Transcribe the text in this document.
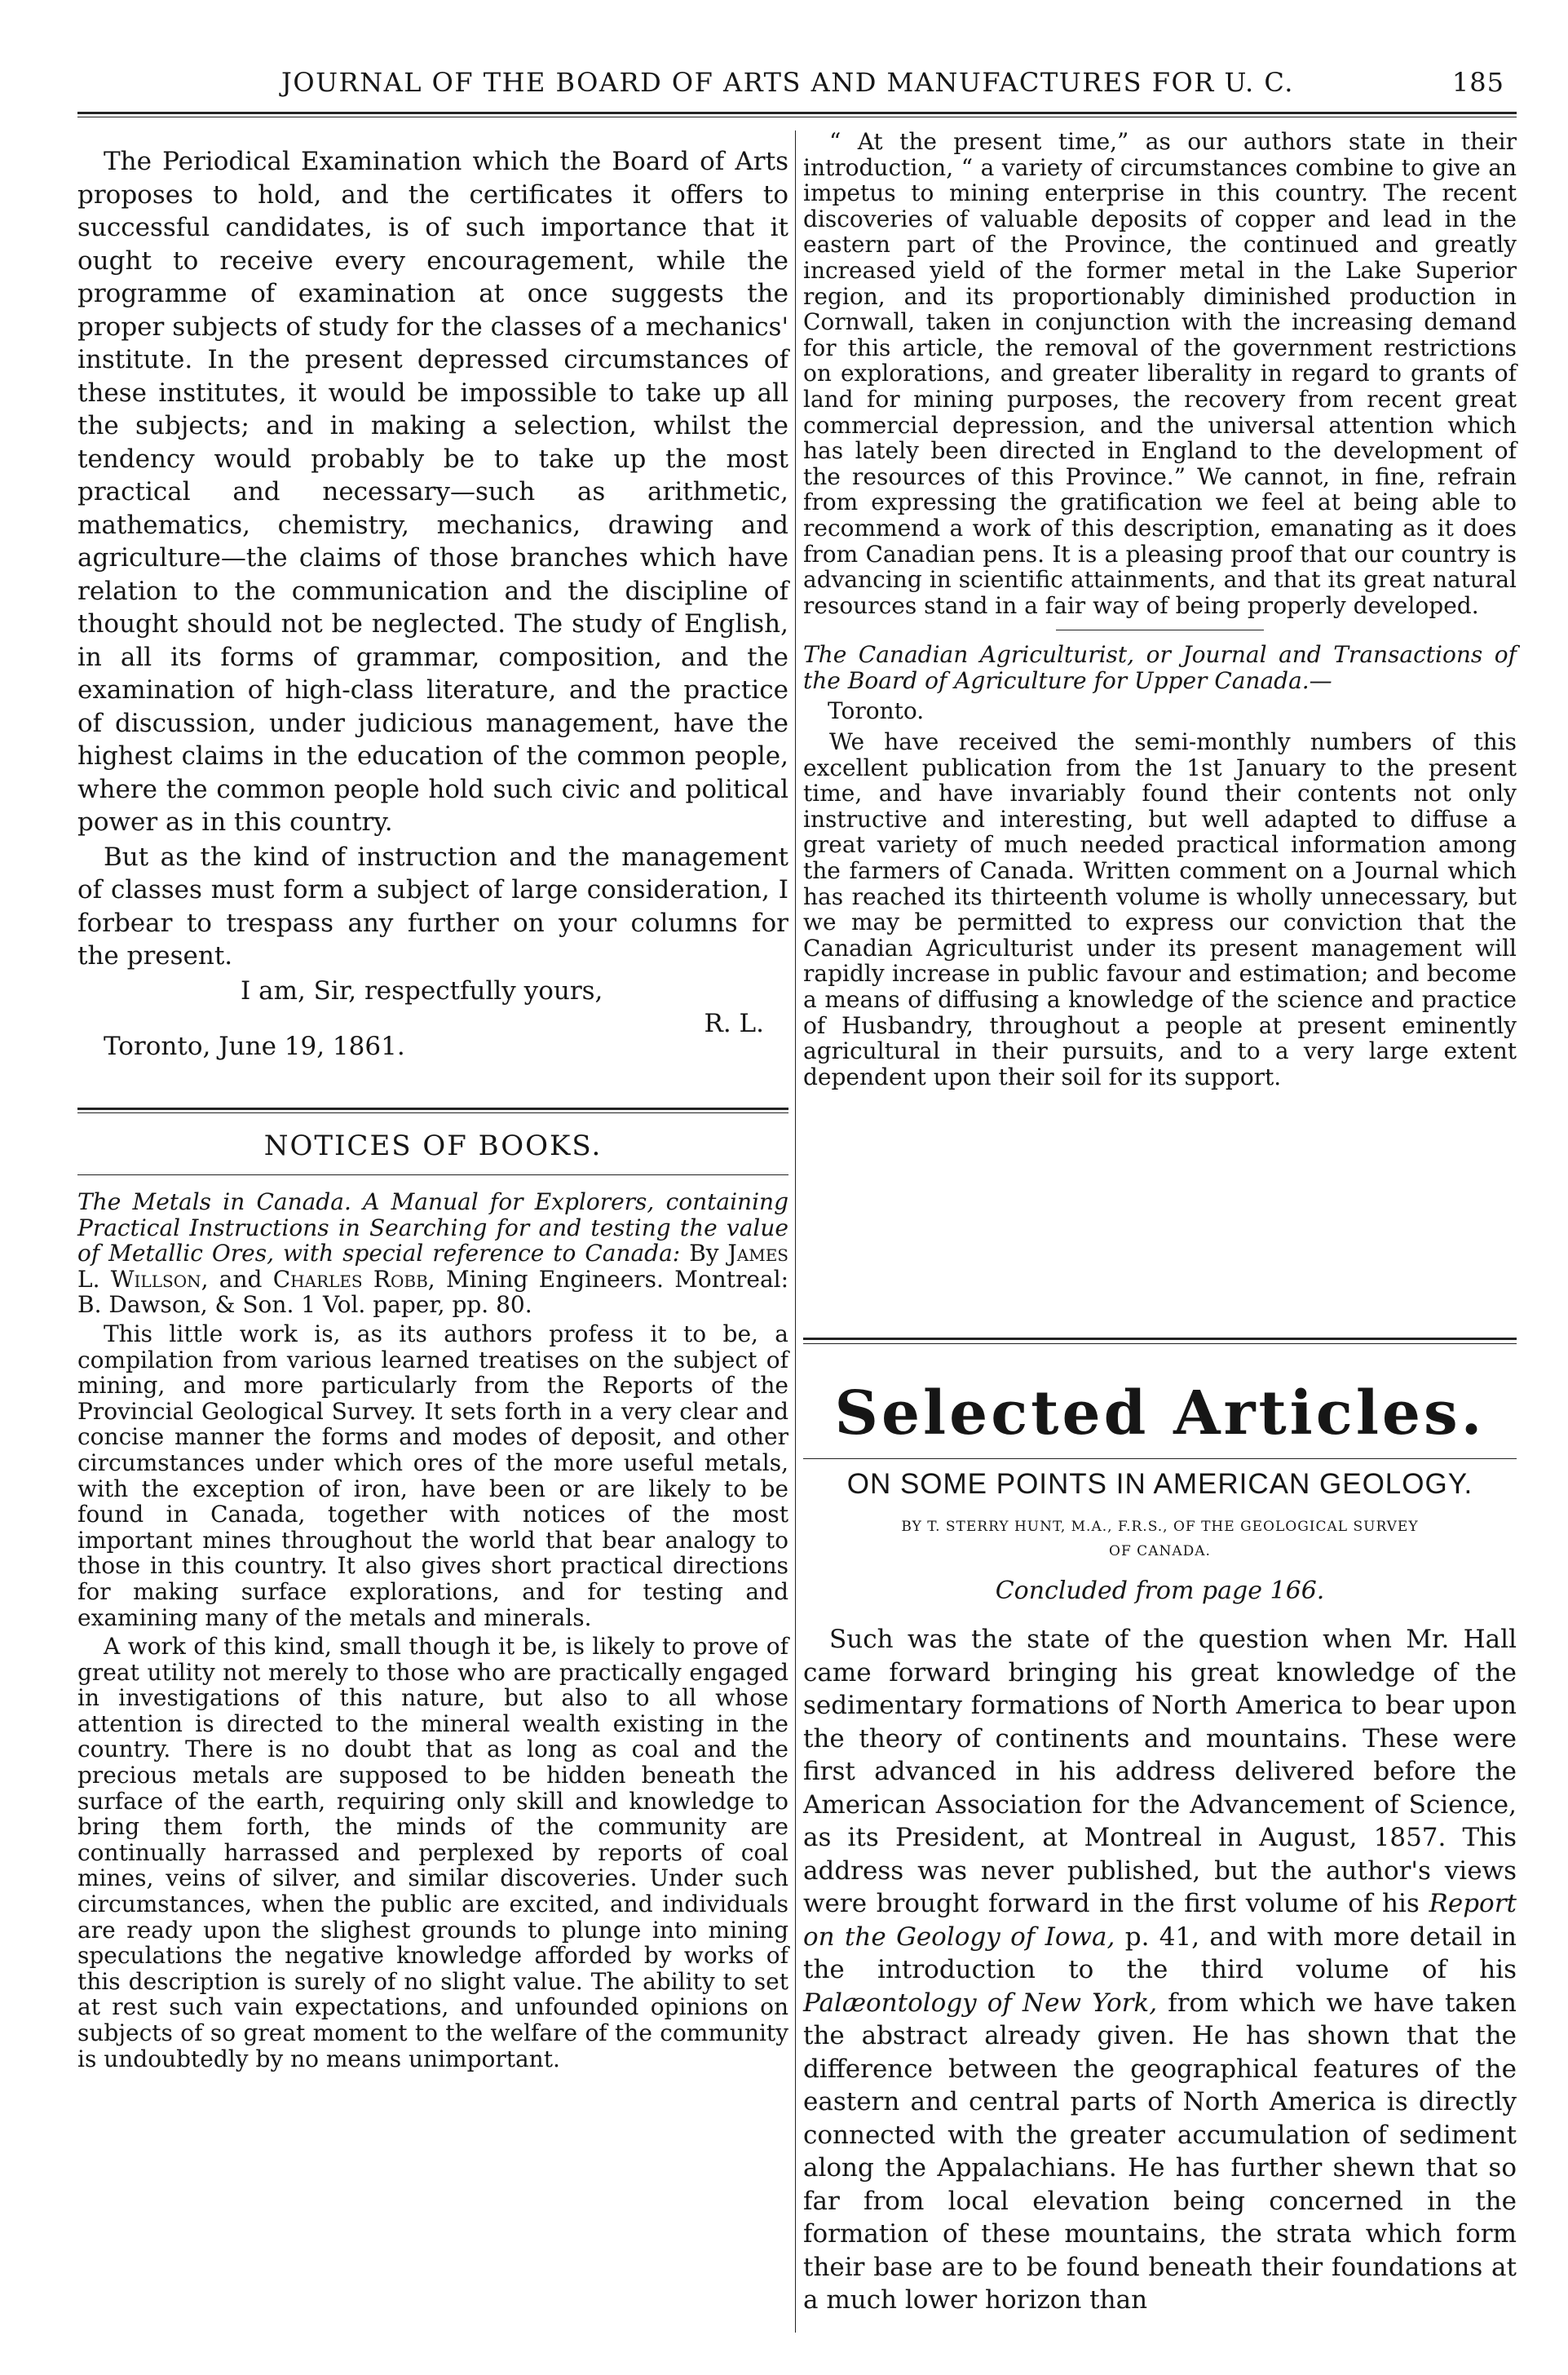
JOURNAL OF THE BOARD OF ARTS AND MANUFACTURES FOR U. C.	185

The Periodical Examination which the Board of Arts proposes to hold, and the certificates it offers to successful candidates, is of such importance that it ought to receive every encouragement, while the programme of examination at once suggests the proper subjects of study for the classes of a mechanics' institute. In the present depressed circumstances of these institutes, it would be impossible to take up all the subjects; and in making a selection, whilst the tendency would probably be to take up the most practical and necessary—such as arithmetic, mathematics, chemistry, mechanics, drawing and agriculture—the claims of those branches which have relation to the communication and the discipline of thought should not be neglected. The study of English, in all its forms of grammar, composition, and the examination of high-class literature, and the practice of discussion, under judicious management, have the highest claims in the education of the common people, where the common people hold such civic and political power as in this country.

But as the kind of instruction and the management of classes must form a subject of large consideration, I forbear to trespass any further on your columns for the present.

I am, Sir, respectfully yours,
Toronto, June 19, 1861.
R. L.
NOTICES OF BOOKS.

The Metals in Canada. A Manual for Explorers, containing Practical Instructions in Searching for and testing the value of Metallic Ores, with special reference to Canada: By James L. Willson, and Charles Robb, Mining Engineers. Montreal: B. Dawson, & Son. 1 Vol. paper, pp. 80.

This little work is, as its authors profess it to be, a compilation from various learned treatises on the subject of mining, and more particularly from the Reports of the Provincial Geological Survey. It sets forth in a very clear and concise manner the forms and modes of deposit, and other circumstances under which ores of the more useful metals, with the exception of iron, have been or are likely to be found in Canada, together with notices of the most important mines throughout the world that bear analogy to those in this country. It also gives short practical directions for making surface explorations, and for testing and examining many of the metals and minerals.

A work of this kind, small though it be, is likely to prove of great utility not merely to those who are practically engaged in investigations of this nature, but also to all whose attention is directed to the mineral wealth existing in the country. There is no doubt that as long as coal and the precious metals are supposed to be hidden beneath the surface of the earth, requiring only skill and knowledge to bring them forth, the minds of the community are continually harrassed and perplexed by reports of coal mines, veins of silver, and similar discoveries. Under such circumstances, when the public are excited, and individuals are ready upon the slighest grounds to plunge into mining speculations the negative knowledge afforded by works of this description is surely of no slight value. The ability to set at rest such vain expectations, and unfounded opinions on subjects of so great moment to the welfare of the community is undoubtedly by no means unimportant.

“ At the present time,” as our authors state in their introduction, “ a variety of circumstances combine to give an impetus to mining enterprise in this country. The recent discoveries of valuable deposits of copper and lead in the eastern part of the Province, the continued and greatly increased yield of the former metal in the Lake Superior region, and its proportionably diminished production in Cornwall, taken in conjunction with the increasing demand for this article, the removal of the government restrictions on explorations, and greater liberality in regard to grants of land for mining purposes, the recovery from recent great commercial depression, and the universal attention which has lately been directed in England to the development of the resources of this Province.” We cannot, in fine, refrain from expressing the gratification we feel at being able to recommend a work of this description, emanating as it does from Canadian pens. It is a pleasing proof that our country is advancing in scientific attainments, and that its great natural resources stand in a fair way of being properly developed.

The Canadian Agriculturist, or Journal and Transactions of the Board of Agriculture for Upper Canada.—

Toronto.

We have received the semi-monthly numbers of this excellent publication from the 1st January to the present time, and have invariably found their contents not only instructive and interesting, but well adapted to diffuse a great variety of much needed practical information among the farmers of Canada. Written comment on a Journal which has reached its thirteenth volume is wholly unnecessary, but we may be permitted to express our conviction that the Canadian Agriculturist under its present management will rapidly increase in public favour and estimation; and become a means of diffusing a knowledge of the science and practice of Husbandry, throughout a people at present eminently agricultural in their pursuits, and to a very large extent dependent upon their soil for its support.

Selected Articles.
ON SOME POINTS IN AMERICAN GEOLOGY.
BY T. STERRY HUNT, M.A., F.R.S., OF THE GEOLOGICAL SURVEY
OF CANADA.
Concluded from page 166.

Such was the state of the question when Mr. Hall came forward bringing his great knowledge of the sedimentary formations of North America to bear upon the theory of continents and mountains. These were first advanced in his address delivered before the American Association for the Advancement of Science, as its President, at Montreal in August, 1857. This address was never published, but the author's views were brought forward in the first volume of his Report on the Geology of Iowa, p. 41, and with more detail in the introduction to the third volume of his Palæontology of New York, from which we have taken the abstract already given. He has shown that the difference between the geographical features of the eastern and central parts of North America is directly connected with the greater accumulation of sediment along the Appalachians. He has further shewn that so far from local elevation being concerned in the formation of these mountains, the strata which form their base are to be found beneath their foundations at a much lower horizon than
